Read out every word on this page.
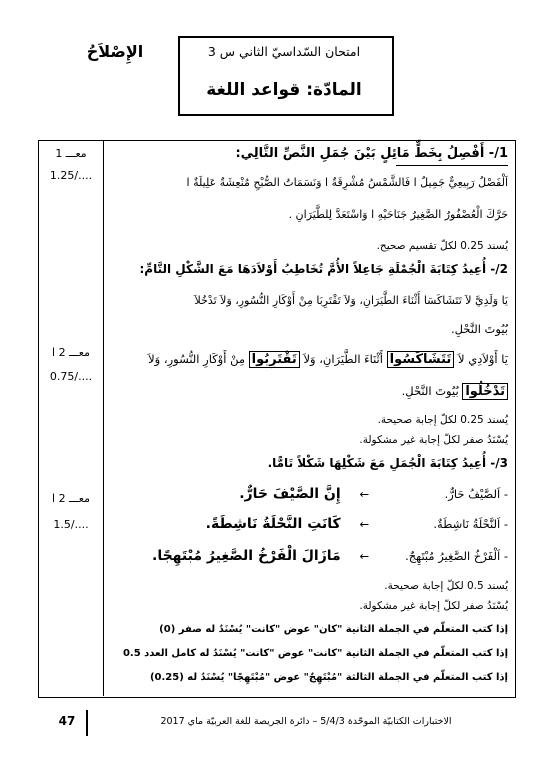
الإِصْلاَحُ	امتحان السّداسيّ الثاني س 3
المادّة: قواعد اللغة
معـــ 1
1.25/....
معـــ 2 ا
0.75/....
معـــ 2 ا
1.5/....
1/- أَفْصِلُ بِخَطٍّ مَائِلٍ بَيْنَ جُمَلِ النَّصِّ التَّالِي:
اَلْفَصْلُ رَبِيعِيٌّ جَمِيلٌ ا فَالشَّمْسُ مُشْرِقَةٌ ا وَنَسَمَاتُ الصُّبْحِ مُنْعِشَةٌ عَلِيلَةٌ ا
حَرَّكَ الْعُصْفُورُ الصَّغِيرُ جَنَاحَيْهِ ا وَاسْتَعَدَّ لِلطَّيَرَانِ .
يُسند 0.25 لكلّ تقسيم صحيح.
2/- أُعِيدُ كِتَابَةَ الْجُمْلَةِ جَاعِلاً الأُمَّ تُخَاطِبُ أَوْلاَدَهَا مَعَ الشَّكْلِ التَّامِّ:
يَا وَلَدِيَّ لاَ تَتَشَاكَسَا أَثْنَاءَ الطَّيَرَانِ، وَلاَ تَقْتَرِبَا مِنْ أَوْكَارِ النُّسُورِ، وَلاَ تَدْخُلاَ
بُيُوتَ النَّحْلِ.
يَا أَوْلاَدِي لاَ تَتَشَاكَسُوا أَثْنَاءَ الطَّيَرَانِ، وَلاَ تَقْتَرِبُوا مِنْ أَوْكَارِ النُّسُورِ، وَلاَ
تَدْخُلُوا بُيُوتَ النَّحْلِ.
يُسند 0.25 لكلّ إجابة صحيحة.
يُسْنَدُ صفر لكلّ إجابة غير مشكولة.
3/- أُعِيدُ كِتَابَةَ الْجُمَلِ مَعَ شَكْلِهَا شَكْلاً تَامًّا.
- اَلصَّيْفُ حَارٌّ. ← إِنَّ الصَّيْفَ حَارٌّ.
- اَلنَّحْلَةُ نَاشِطَةٌ. ← كَانَتِ النَّحْلَةُ نَاشِطَةً.
- اَلْفَرْخُ الصَّغِيرُ مُبْتَهِجٌ. ← مَازَالَ الْفَرْخُ الصَّغِيرُ مُبْتَهِجًا.
يُسند 0.5 لكلّ إجابة صحيحة.
يُسْنَدُ صفر لكلّ إجابة غير مشكولة.
إذا كتب المتعلّم في الجملة الثانية "كان" عوض "كانت" يُسْنَدُ له صفر (0)
إذا كتب المتعلّم في الجملة الثانية "كانت" عوض "كانت" يُسْنَدُ له كامل العدد 0.5
إذا كتب المتعلّم في الجملة الثالثة "مُبْتَهِجٌ" عوض "مُبْتَهِجًا" يُسْنَدُ له (0.25)
47	الاختبارات الكتابيّة الموحّدة 5/4/3 – دائرة الجريصة للغة العربيّة ماي 2017
